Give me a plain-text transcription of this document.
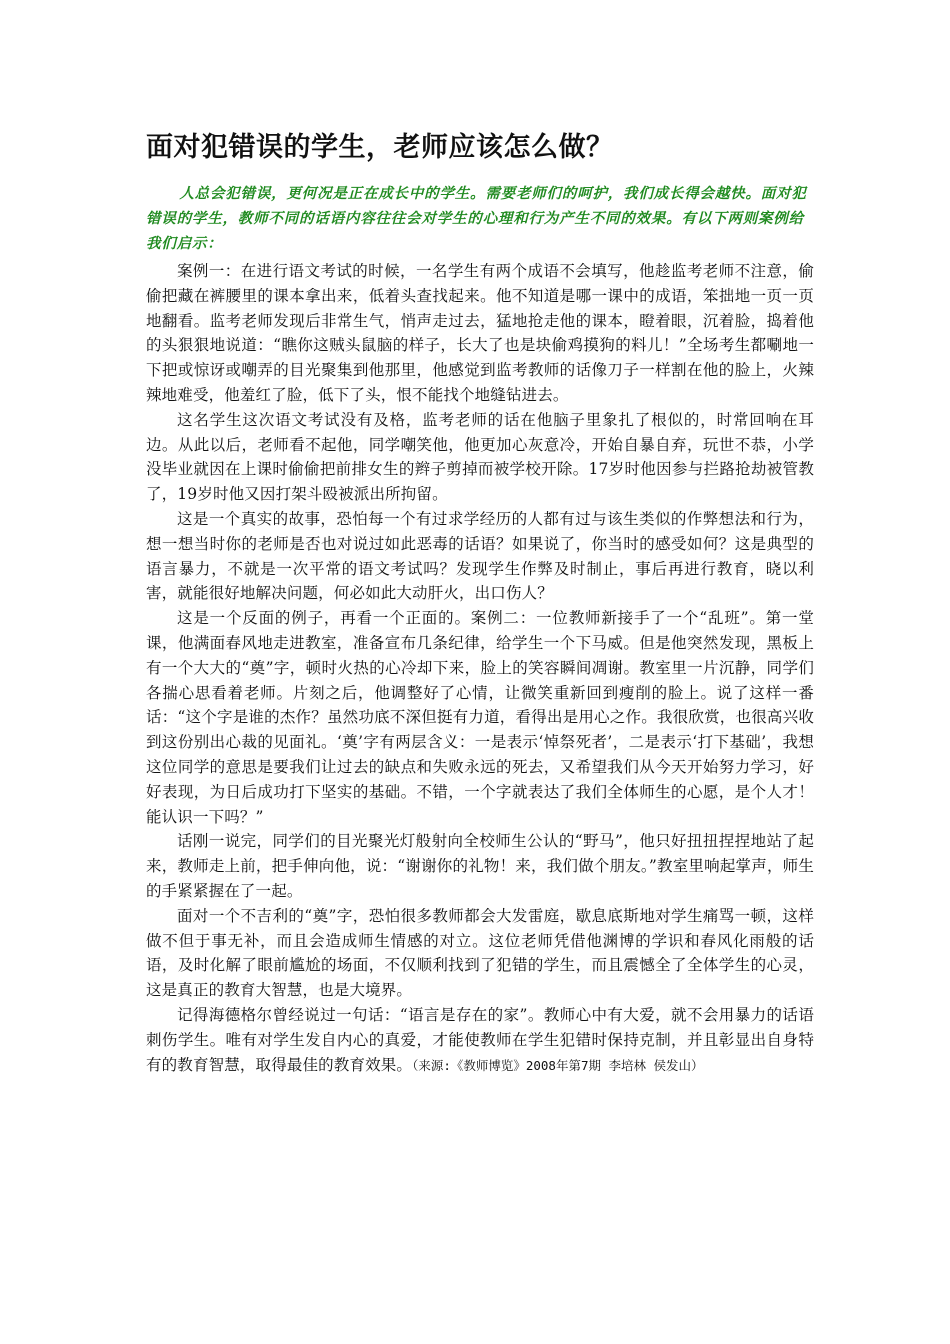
面对犯错误的学生，老师应该怎么做？

人总会犯错误，更何况是正在成长中的学生。需要老师们的呵护，我们成长得会越快。面对犯错误的学生，教师不同的话语内容往往会对学生的心理和行为产生不同的效果。有以下两则案例给我们启示：

案例一：在进行语文考试的时候，一名学生有两个成语不会填写，他趁监考老师不注意，偷偷把藏在裤腰里的课本拿出来，低着头查找起来。他不知道是哪一课中的成语，笨拙地一页一页地翻看。监考老师发现后非常生气，悄声走过去，猛地抢走他的课本，瞪着眼，沉着脸，捣着他的头狠狠地说道：“瞧你这贼头鼠脑的样子，长大了也是块偷鸡摸狗的料儿！”全场考生都唰地一下把或惊讶或嘲弄的目光聚集到他那里，他感觉到监考教师的话像刀子一样割在他的脸上，火辣辣地难受，他羞红了脸，低下了头，恨不能找个地缝钻进去。

这名学生这次语文考试没有及格，监考老师的话在他脑子里象扎了根似的，时常回响在耳边。从此以后，老师看不起他，同学嘲笑他，他更加心灰意冷，开始自暴自弃，玩世不恭，小学没毕业就因在上课时偷偷把前排女生的辫子剪掉而被学校开除。17岁时他因参与拦路抢劫被管教了，19岁时他又因打架斗殴被派出所拘留。

这是一个真实的故事，恐怕每一个有过求学经历的人都有过与该生类似的作弊想法和行为，想一想当时你的老师是否也对说过如此恶毒的话语？如果说了，你当时的感受如何？这是典型的语言暴力，不就是一次平常的语文考试吗？发现学生作弊及时制止，事后再进行教育，晓以利害，就能很好地解决问题，何必如此大动肝火，出口伤人？

这是一个反面的例子，再看一个正面的。案例二：一位教师新接手了一个“乱班”。第一堂课，他满面春风地走进教室，准备宣布几条纪律，给学生一个下马威。但是他突然发现，黑板上有一个大大的“奠”字，顿时火热的心冷却下来，脸上的笑容瞬间凋谢。教室里一片沉静，同学们各揣心思看着老师。片刻之后，他调整好了心情，让微笑重新回到瘦削的脸上。说了这样一番话：“这个字是谁的杰作？虽然功底不深但挺有力道，看得出是用心之作。我很欣赏，也很高兴收到这份别出心裁的见面礼。‘奠’字有两层含义：一是表示‘悼祭死者’，二是表示‘打下基础’，我想这位同学的意思是要我们让过去的缺点和失败永远的死去，又希望我们从今天开始努力学习，好好表现，为日后成功打下坚实的基础。不错，一个字就表达了我们全体师生的心愿，是个人才！能认识一下吗？”

话刚一说完，同学们的目光聚光灯般射向全校师生公认的“野马”，他只好扭扭捏捏地站了起来，教师走上前，把手伸向他，说：“谢谢你的礼物！来，我们做个朋友。”教室里响起掌声，师生的手紧紧握在了一起。

面对一个不吉利的“奠”字，恐怕很多教师都会大发雷庭，歇息底斯地对学生痛骂一顿，这样做不但于事无补，而且会造成师生情感的对立。这位老师凭借他渊博的学识和春风化雨般的话语，及时化解了眼前尴尬的场面，不仅顺利找到了犯错的学生，而且震憾全了全体学生的心灵，这是真正的教育大智慧，也是大境界。

记得海德格尔曾经说过一句话：“语言是存在的家”。教师心中有大爱，就不会用暴力的话语刺伤学生。唯有对学生发自内心的真爱，才能使教师在学生犯错时保持克制，并且彰显出自身特有的教育智慧，取得最佳的教育效果。（来源:《教师博览》2008年第7期 李培林 侯发山）
